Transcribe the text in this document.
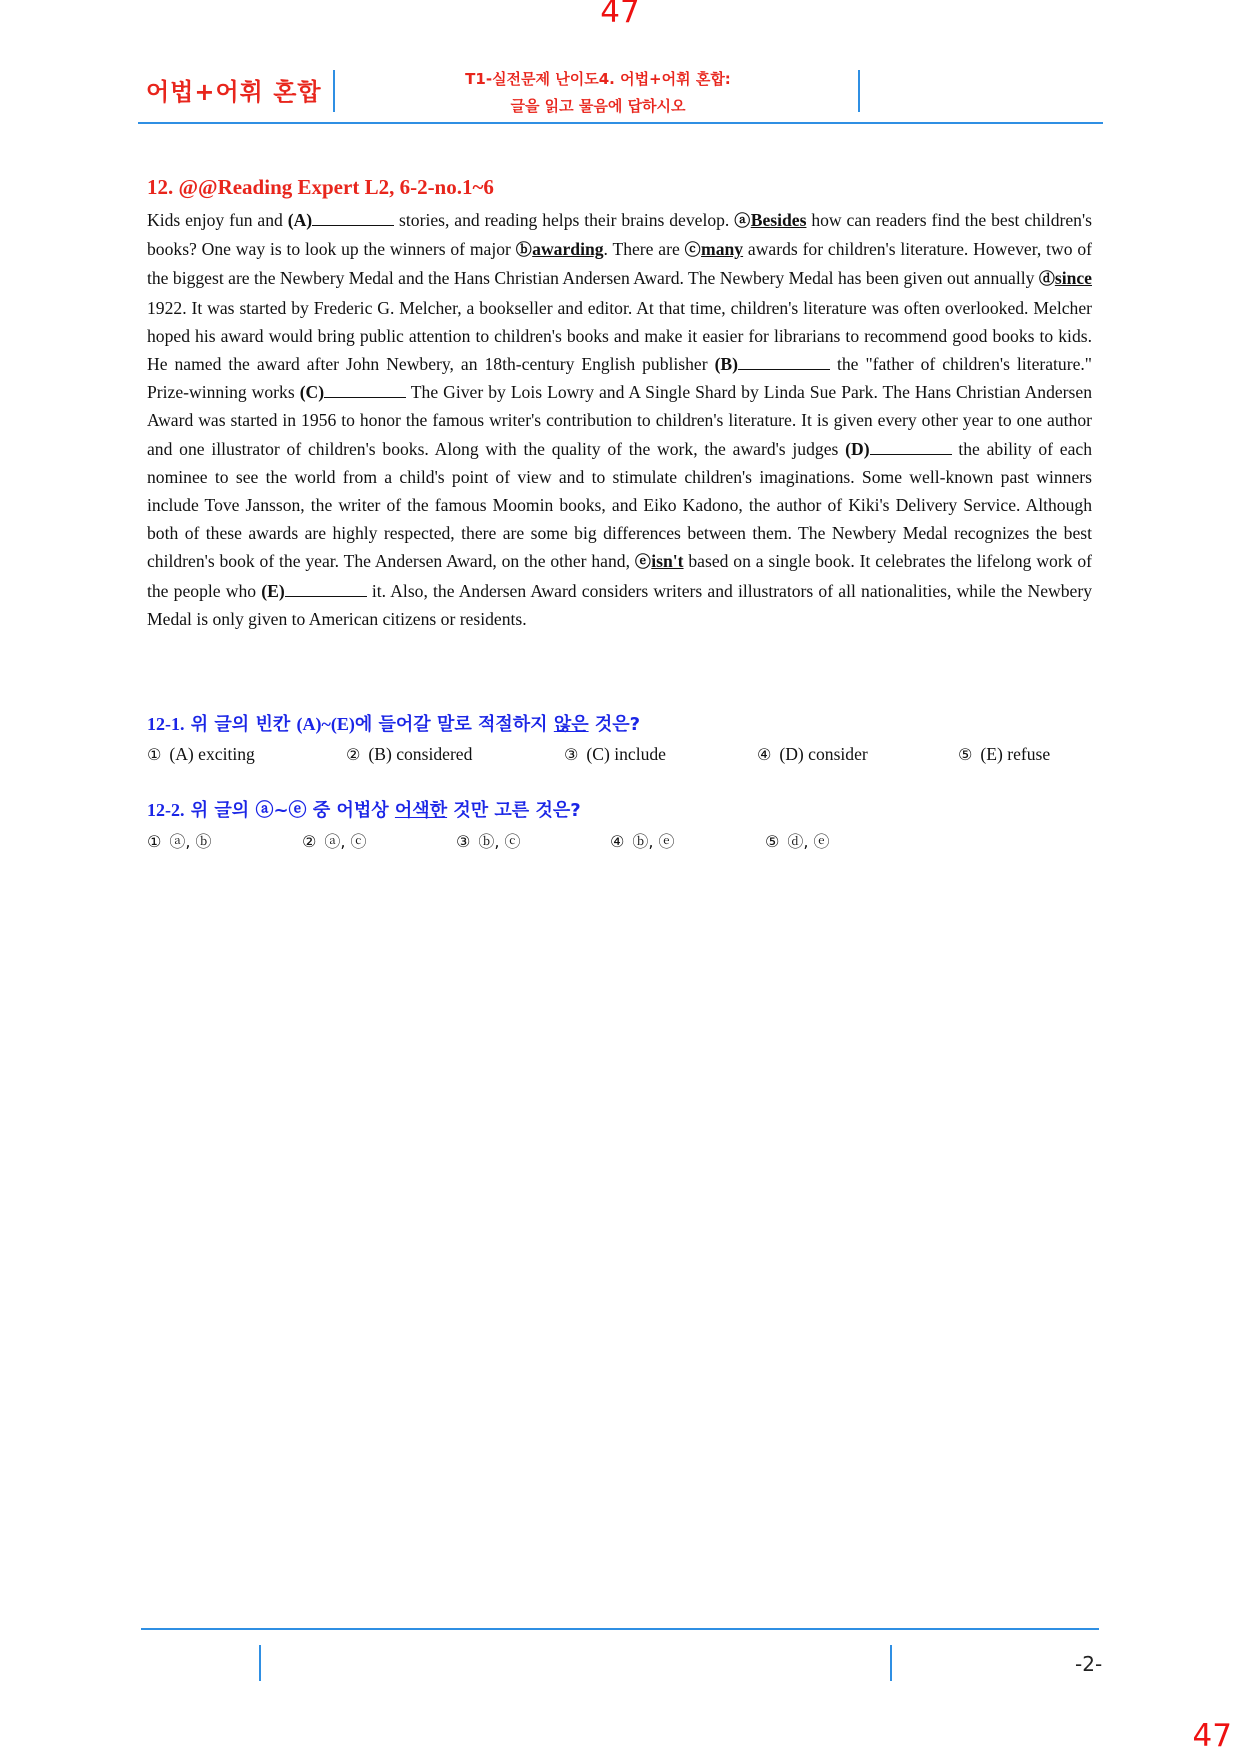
47
어법+어휘 혼합	T1-실전문제 난이도4. 어법+어휘 혼합:
글을 읽고 물음에 답하시오
12. @@Reading Expert L2, 6-2-no.1~6
Kids enjoy fun and (A)	stories, and reading helps their brains develop. ⓐBesides how can readers find the best children's books? One way is to look up the winners of major ⓑawarding. There are ⓒmany awards for children's literature. However, two of the biggest are the Newbery Medal and the Hans Christian Andersen Award. The Newbery Medal has been given out annually ⓓsince 1922. It was started by Frederic G. Melcher, a bookseller and editor. At that time, children's literature was often overlooked. Melcher hoped his award would bring public attention to children's books and make it easier for librarians to recommend good books to kids. He named the award after John Newbery, an 18th-century English publisher (B)	the "father of children's literature." Prize-winning works (C)	The Giver by Lois Lowry and A Single Shard by Linda Sue Park. The Hans Christian Andersen Award was started in 1956 to honor the famous writer's contribution to children's literature. It is given every other year to one author and one illustrator of children's books. Along with the quality of the work, the award's judges (D)	the ability of each nominee to see the world from a child's point of view and to stimulate children's imaginations. Some well-known past winners include Tove Jansson, the writer of the famous Moomin books, and Eiko Kadono, the author of Kiki's Delivery Service. Although both of these awards are highly respected, there are some big differences between them. The Newbery Medal recognizes the best children's book of the year. The Andersen Award, on the other hand, ⓔisn't based on a single book. It celebrates the lifelong work of the people who (E)	it. Also, the Andersen Award considers writers and illustrators of all nationalities, while the Newbery Medal is only given to American citizens or residents.
12-1. 위 글의 빈칸 (A)~(E)에 들어갈 말로 적절하지 않은 것은?
① (A) exciting	② (B) considered	③ (C) include	④ (D) consider	⑤ (E) refuse
12-2. 위 글의 ⓐ~ⓔ 중 어법상 어색한 것만 고른 것은?
① ⓐ, ⓑ	② ⓐ, ⓒ	③ ⓑ, ⓒ	④ ⓑ, ⓔ	⑤ ⓓ, ⓔ
-2-
47
